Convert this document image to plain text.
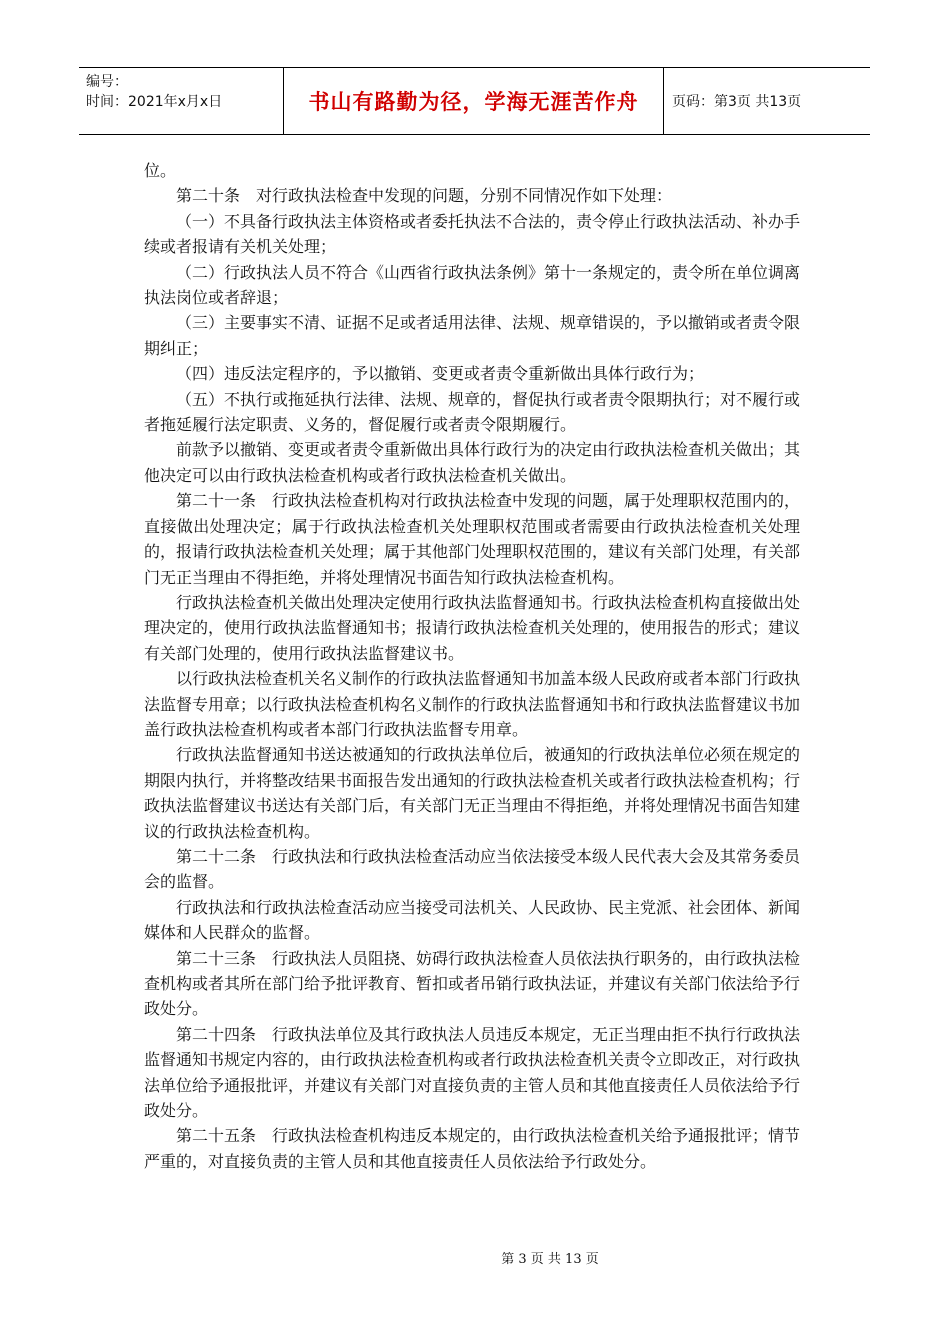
编号：
时间：2021年x月x日	书山有路勤为径，学海无涯苦作舟 页码：第3页 共13页

位。

第二十条　对行政执法检查中发现的问题，分别不同情况作如下处理：

（一）不具备行政执法主体资格或者委托执法不合法的，责令停止行政执法活动、补办手续或者报请有关机关处理；

（二）行政执法人员不符合《山西省行政执法条例》第十一条规定的，责令所在单位调离执法岗位或者辞退；

（三）主要事实不清、证据不足或者适用法律、法规、规章错误的，予以撤销或者责令限期纠正；

（四）违反法定程序的，予以撤销、变更或者责令重新做出具体行政行为；

（五）不执行或拖延执行法律、法规、规章的，督促执行或者责令限期执行；对不履行或者拖延履行法定职责、义务的，督促履行或者责令限期履行。

前款予以撤销、变更或者责令重新做出具体行政行为的决定由行政执法检查机关做出；其他决定可以由行政执法检查机构或者行政执法检查机关做出。

第二十一条　行政执法检查机构对行政执法检查中发现的问题，属于处理职权范围内的，直接做出处理决定；属于行政执法检查机关处理职权范围或者需要由行政执法检查机关处理的，报请行政执法检查机关处理；属于其他部门处理职权范围的，建议有关部门处理，有关部门无正当理由不得拒绝，并将处理情况书面告知行政执法检查机构。

行政执法检查机关做出处理决定使用行政执法监督通知书。行政执法检查机构直接做出处理决定的，使用行政执法监督通知书；报请行政执法检查机关处理的，使用报告的形式；建议有关部门处理的，使用行政执法监督建议书。

以行政执法检查机关名义制作的行政执法监督通知书加盖本级人民政府或者本部门行政执法监督专用章；以行政执法检查机构名义制作的行政执法监督通知书和行政执法监督建议书加盖行政执法检查机构或者本部门行政执法监督专用章。

行政执法监督通知书送达被通知的行政执法单位后，被通知的行政执法单位必须在规定的期限内执行，并将整改结果书面报告发出通知的行政执法检查机关或者行政执法检查机构；行政执法监督建议书送达有关部门后，有关部门无正当理由不得拒绝，并将处理情况书面告知建议的行政执法检查机构。

第二十二条　行政执法和行政执法检查活动应当依法接受本级人民代表大会及其常务委员会的监督。

行政执法和行政执法检查活动应当接受司法机关、人民政协、民主党派、社会团体、新闻媒体和人民群众的监督。

第二十三条　行政执法人员阻挠、妨碍行政执法检查人员依法执行职务的，由行政执法检查机构或者其所在部门给予批评教育、暂扣或者吊销行政执法证，并建议有关部门依法给予行政处分。

第二十四条　行政执法单位及其行政执法人员违反本规定，无正当理由拒不执行行政执法监督通知书规定内容的，由行政执法检查机构或者行政执法检查机关责令立即改正，对行政执法单位给予通报批评，并建议有关部门对直接负责的主管人员和其他直接责任人员依法给予行政处分。

第二十五条　行政执法检查机构违反本规定的，由行政执法检查机关给予通报批评；情节严重的，对直接负责的主管人员和其他直接责任人员依法给予行政处分。

第 3 页 共 13 页
